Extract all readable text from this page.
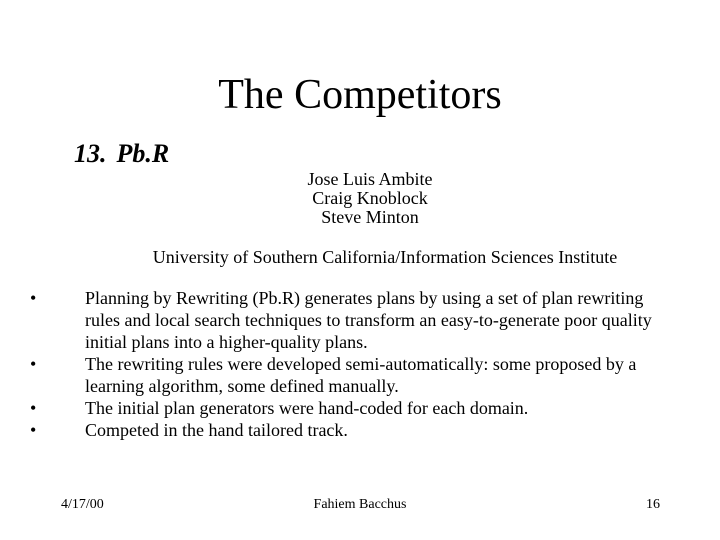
The Competitors
13. Pb.R
Jose Luis Ambite
Craig Knoblock
Steve Minton
University of Southern California/Information Sciences Institute
•	Planning by Rewriting (Pb.R) generates plans by using a set of plan rewriting rules and local search techniques to transform an easy-to-generate poor quality initial plans into a higher-quality plans.
•	The rewriting rules were developed semi-automatically: some proposed by a learning algorithm, some defined manually.
•	The initial plan generators were hand-coded for each domain.
•	Competed in the hand tailored track.
4/17/00	Fahiem Bacchus	16
